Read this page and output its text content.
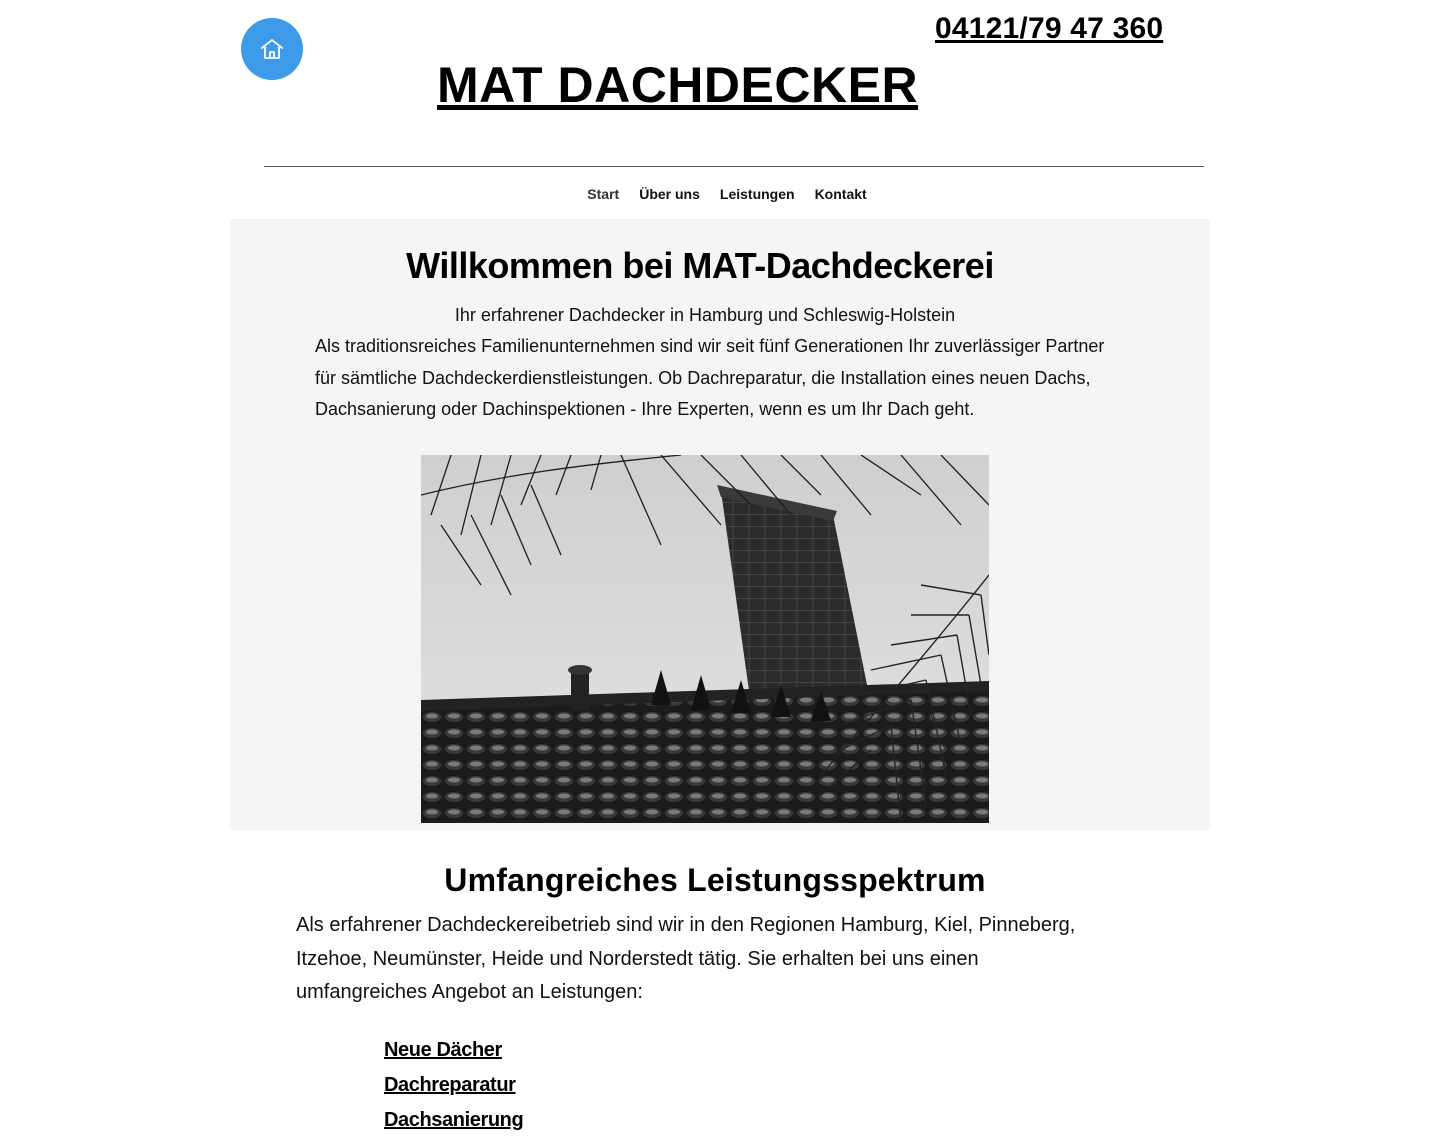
04121/79 47 360
MAT DACHDECKER
Start Über uns Leistungen Kontakt
Willkommen bei MAT-Dachdeckerei
Ihr erfahrener Dachdecker in Hamburg und Schleswig-Holstein

Als traditionsreiches Familienunternehmen sind wir seit fünf Generationen Ihr zuverlässiger Partner für sämtliche Dachdeckerdienstleistungen. Ob Dachreparatur, die Installation eines neuen Dachs, Dachsanierung oder Dachinspektionen - Ihre Experten, wenn es um Ihr Dach geht.

Umfangreiches Leistungsspektrum

Als erfahrener Dachdeckereibetrieb sind wir in den Regionen Hamburg, Kiel, Pinneberg, Itzehoe, Neumünster, Heide und Norderstedt tätig. Sie erhalten bei uns einen umfangreiches Angebot an Leistungen:

Neue Dächer
Dachreparatur
Dachsanierung
